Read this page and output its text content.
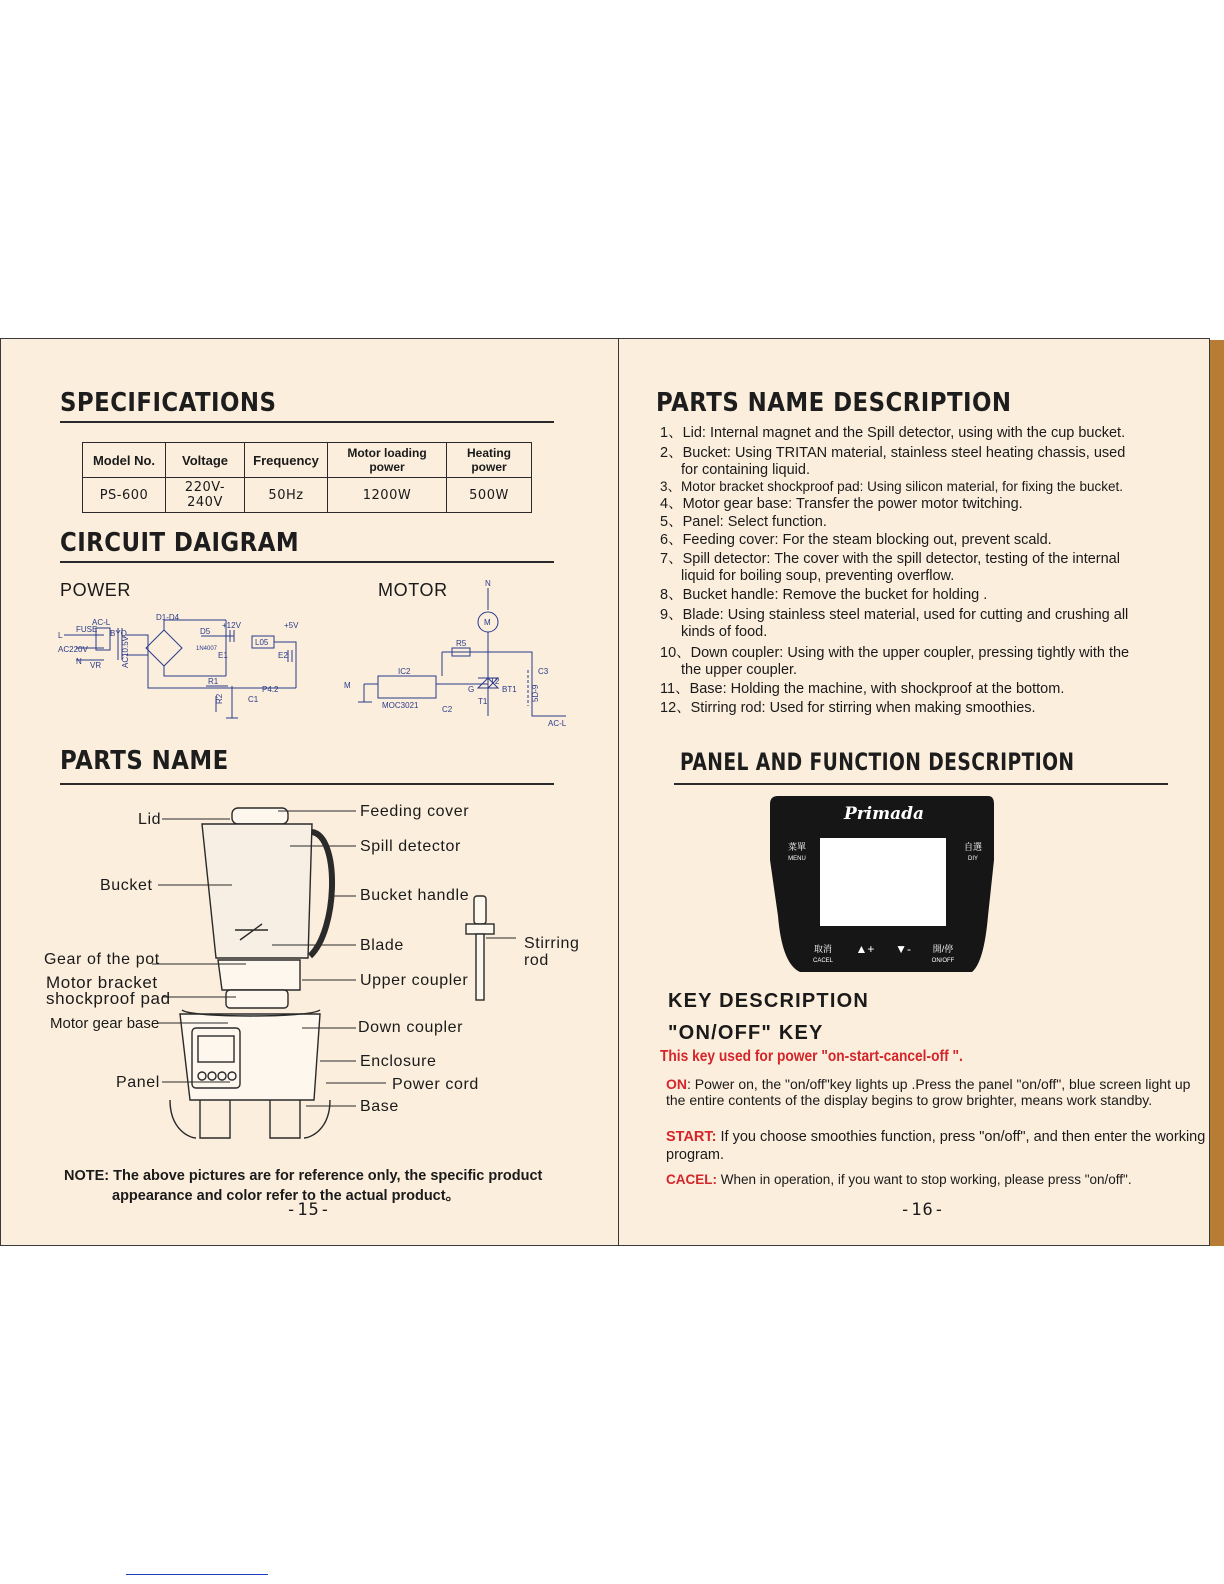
SPECIFICATIONS
Model No.	Voltage	Frequency	Motor loading power	Heating power
PS-600	220V-240V	50Hz	1200W	500W
CIRCUIT DAIGRAM
POWER	MOTOR
AC-L
FUSE BYQ
L
AC220V
N VR AC10.5V
D1-D4
D5
1N4007
+12V
E1
L05
+5V
E2
R1
R2	C1
P4.2
N
M
R5
IC2
MOC3021	C2
G
T1
T2
BT1
C3
5D-9
AC-L
M
PARTS NAME
Lid
Bucket
Gear of the pot
Motor bracket
shockproof pad
Motor gear base
Panel
Feeding cover
Spill detector
Bucket handle
Blade
Upper coupler
Down coupler
Enclosure
Power cord
Base
Stirring
rod
NOTE: The above pictures are for reference only, the specific product
appearance and color refer to the actual product。
-15-
PARTS NAME DESCRIPTION
1、Lid: Internal magnet and the Spill detector, using with the cup bucket.
2、Bucket: Using TRITAN material, stainless steel heating chassis, used
for containing liquid.
3、Motor bracket shockproof pad: Using silicon material, for fixing the bucket.
4、Motor gear base: Transfer the power motor twitching.
5、Panel: Select function.
6、Feeding cover: For the steam blocking out, prevent scald.
7、Spill detector: The cover with the spill detector, testing of the internal
liquid for boiling soup, preventing overflow.
8、Bucket handle: Remove the bucket for holding .
9、Blade: Using stainless steel material, used for cutting and crushing all
kinds of food.
10、Down coupler: Using with the upper coupler, pressing tightly with the
the upper coupler.
11、Base: Holding the machine, with shockproof at the bottom.
12、Stirring rod: Used for stirring when making smoothies.
PANEL AND FUNCTION DESCRIPTION
Primada
菜單
MENU
自選
DIY
取消
CACEL
▲+	▼-	開/停
ON/OFF
KEY DESCRIPTION
"ON/OFF" KEY
This key used for power "on-start-cancel-off ".
ON: Power on, the "on/off"key lights up .Press the panel "on/off", blue screen light up the entire contents of the display begins to grow brighter, means work standby.
START: If you choose smoothies function, press "on/off", and then enter the working program.
CACEL: When in operation, if you want to stop working, please press "on/off".
-16-
